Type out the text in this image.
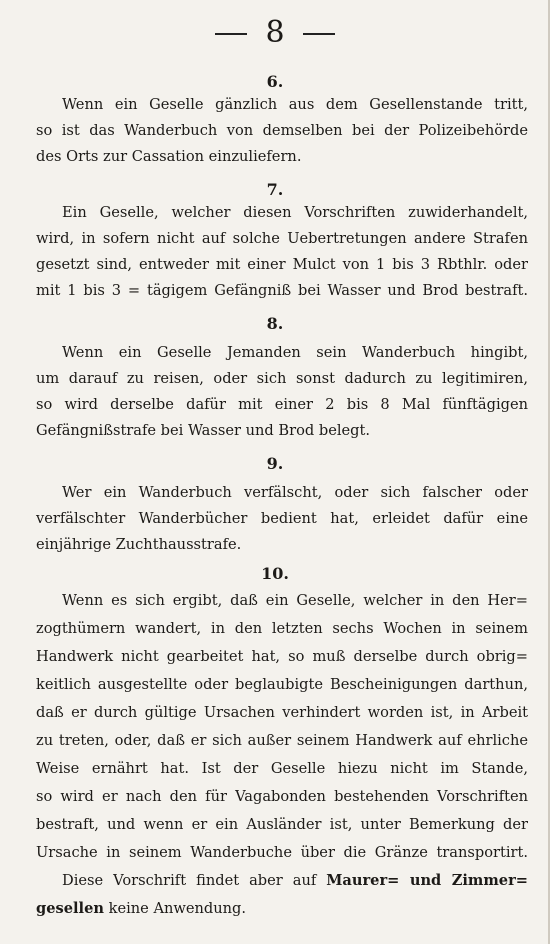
8
6.
Wenn ein Geselle gänzlich aus dem Gesellenstande tritt,
so ist das Wanderbuch von demselben bei der Polizeibehörde
des Orts zur Cassation einzuliefern.
7.
Ein Geselle, welcher diesen Vorschriften zuwiderhandelt,
wird, in sofern nicht auf solche Uebertretungen andere Strafen
gesetzt sind, entweder mit einer Mulct von 1 bis 3 Rbthlr. oder
mit 1 bis 3 = tägigem Gefängniß bei Wasser und Brod bestraft.
8.
Wenn ein Geselle Jemanden sein Wanderbuch hingibt,
um darauf zu reisen, oder sich sonst dadurch zu legitimiren,
so wird derselbe dafür mit einer 2 bis 8 Mal fünftägigen
Gefängnißstrafe bei Wasser und Brod belegt.
9.
Wer ein Wanderbuch verfälscht, oder sich falscher oder
verfälschter Wanderbücher bedient hat, erleidet dafür eine
einjährige Zuchthausstrafe.
10.
Wenn es sich ergibt, daß ein Geselle, welcher in den Her=
zogthümern wandert, in den letzten sechs Wochen in seinem
Handwerk nicht gearbeitet hat, so muß derselbe durch obrig=
keitlich ausgestellte oder beglaubigte Bescheinigungen darthun,
daß er durch gültige Ursachen verhindert worden ist, in Arbeit
zu treten, oder, daß er sich außer seinem Handwerk auf ehrliche
Weise ernährt hat. Ist der Geselle hiezu nicht im Stande,
so wird er nach den für Vagabonden bestehenden Vorschriften
bestraft, und wenn er ein Ausländer ist, unter Bemerkung der
Ursache in seinem Wanderbuche über die Gränze transportirt.
Diese Vorschrift findet aber auf Maurer= und Zimmer=
gesellen keine Anwendung.
